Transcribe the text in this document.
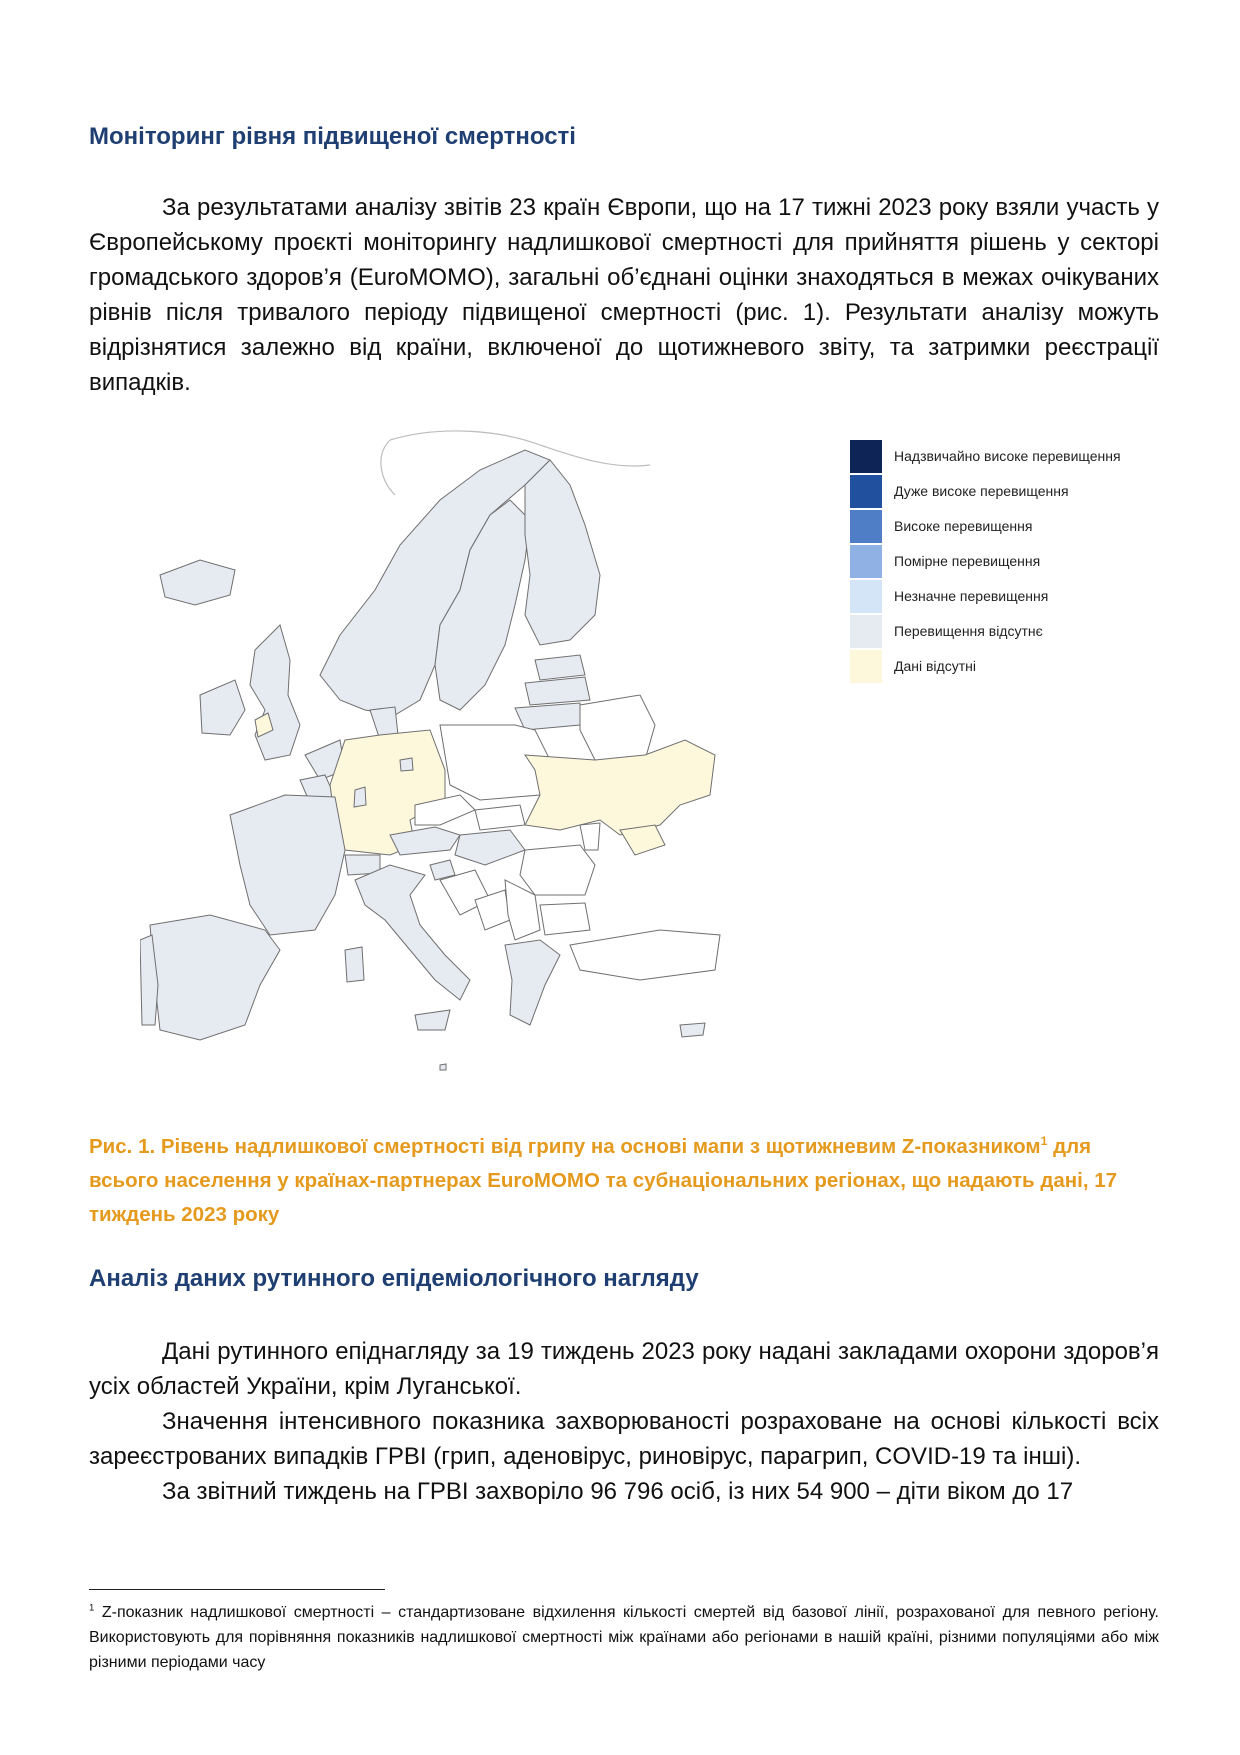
Моніторинг рівня підвищеної смертності

За результатами аналізу звітів 23 країн Європи, що на 17 тижні 2023 року взяли участь у Європейському проєкті моніторингу надлишкової смертності для прийняття рішень у секторі громадського здоров’я (EuroMOMO), загальні об’єднані оцінки знаходяться в межах очікуваних рівнів після тривалого періоду підвищеної смертності (рис. 1). Результати аналізу можуть відрізнятися залежно від країни, включеної до щотижневого звіту, та затримки реєстрації випадків.

Надзвичайно високе перевищення
Дуже високе перевищення
Високе перевищення
Помірне перевищення
Незначне перевищення
Перевищення відсутнє
Дані відсутні
Рис. 1. Рівень надлишкової смертності від грипу на основі мапи з щотижневим Z-показником$^1$ для всього населення у країнах-партнерах EuroMOMO та субнаціональних регіонах, що надають дані, 17 тиждень 2023 року
Аналіз даних рутинного епідеміологічного нагляду

Дані рутинного епіднагляду за 19 тиждень 2023 року надані закладами охорони здоров’я усіх областей України, крім Луганської.

Значення інтенсивного показника захворюваності розраховане на основі кількості всіх зареєстрованих випадків ГРВІ (грип, аденовірус, риновірус, парагрип, COVID-19 та інші).

За звітний тиждень на ГРВІ захворіло 96 796 осіб, із них 54 900 – діти віком до 17

$^1$ Z-показник надлишкової смертності – стандартизоване відхилення кількості смертей від базової лінії, розрахованої для певного регіону. Використовують для порівняння показників надлишкової смертності між країнами або регіонами в нашій країні, різними популяціями або між різними періодами часу
